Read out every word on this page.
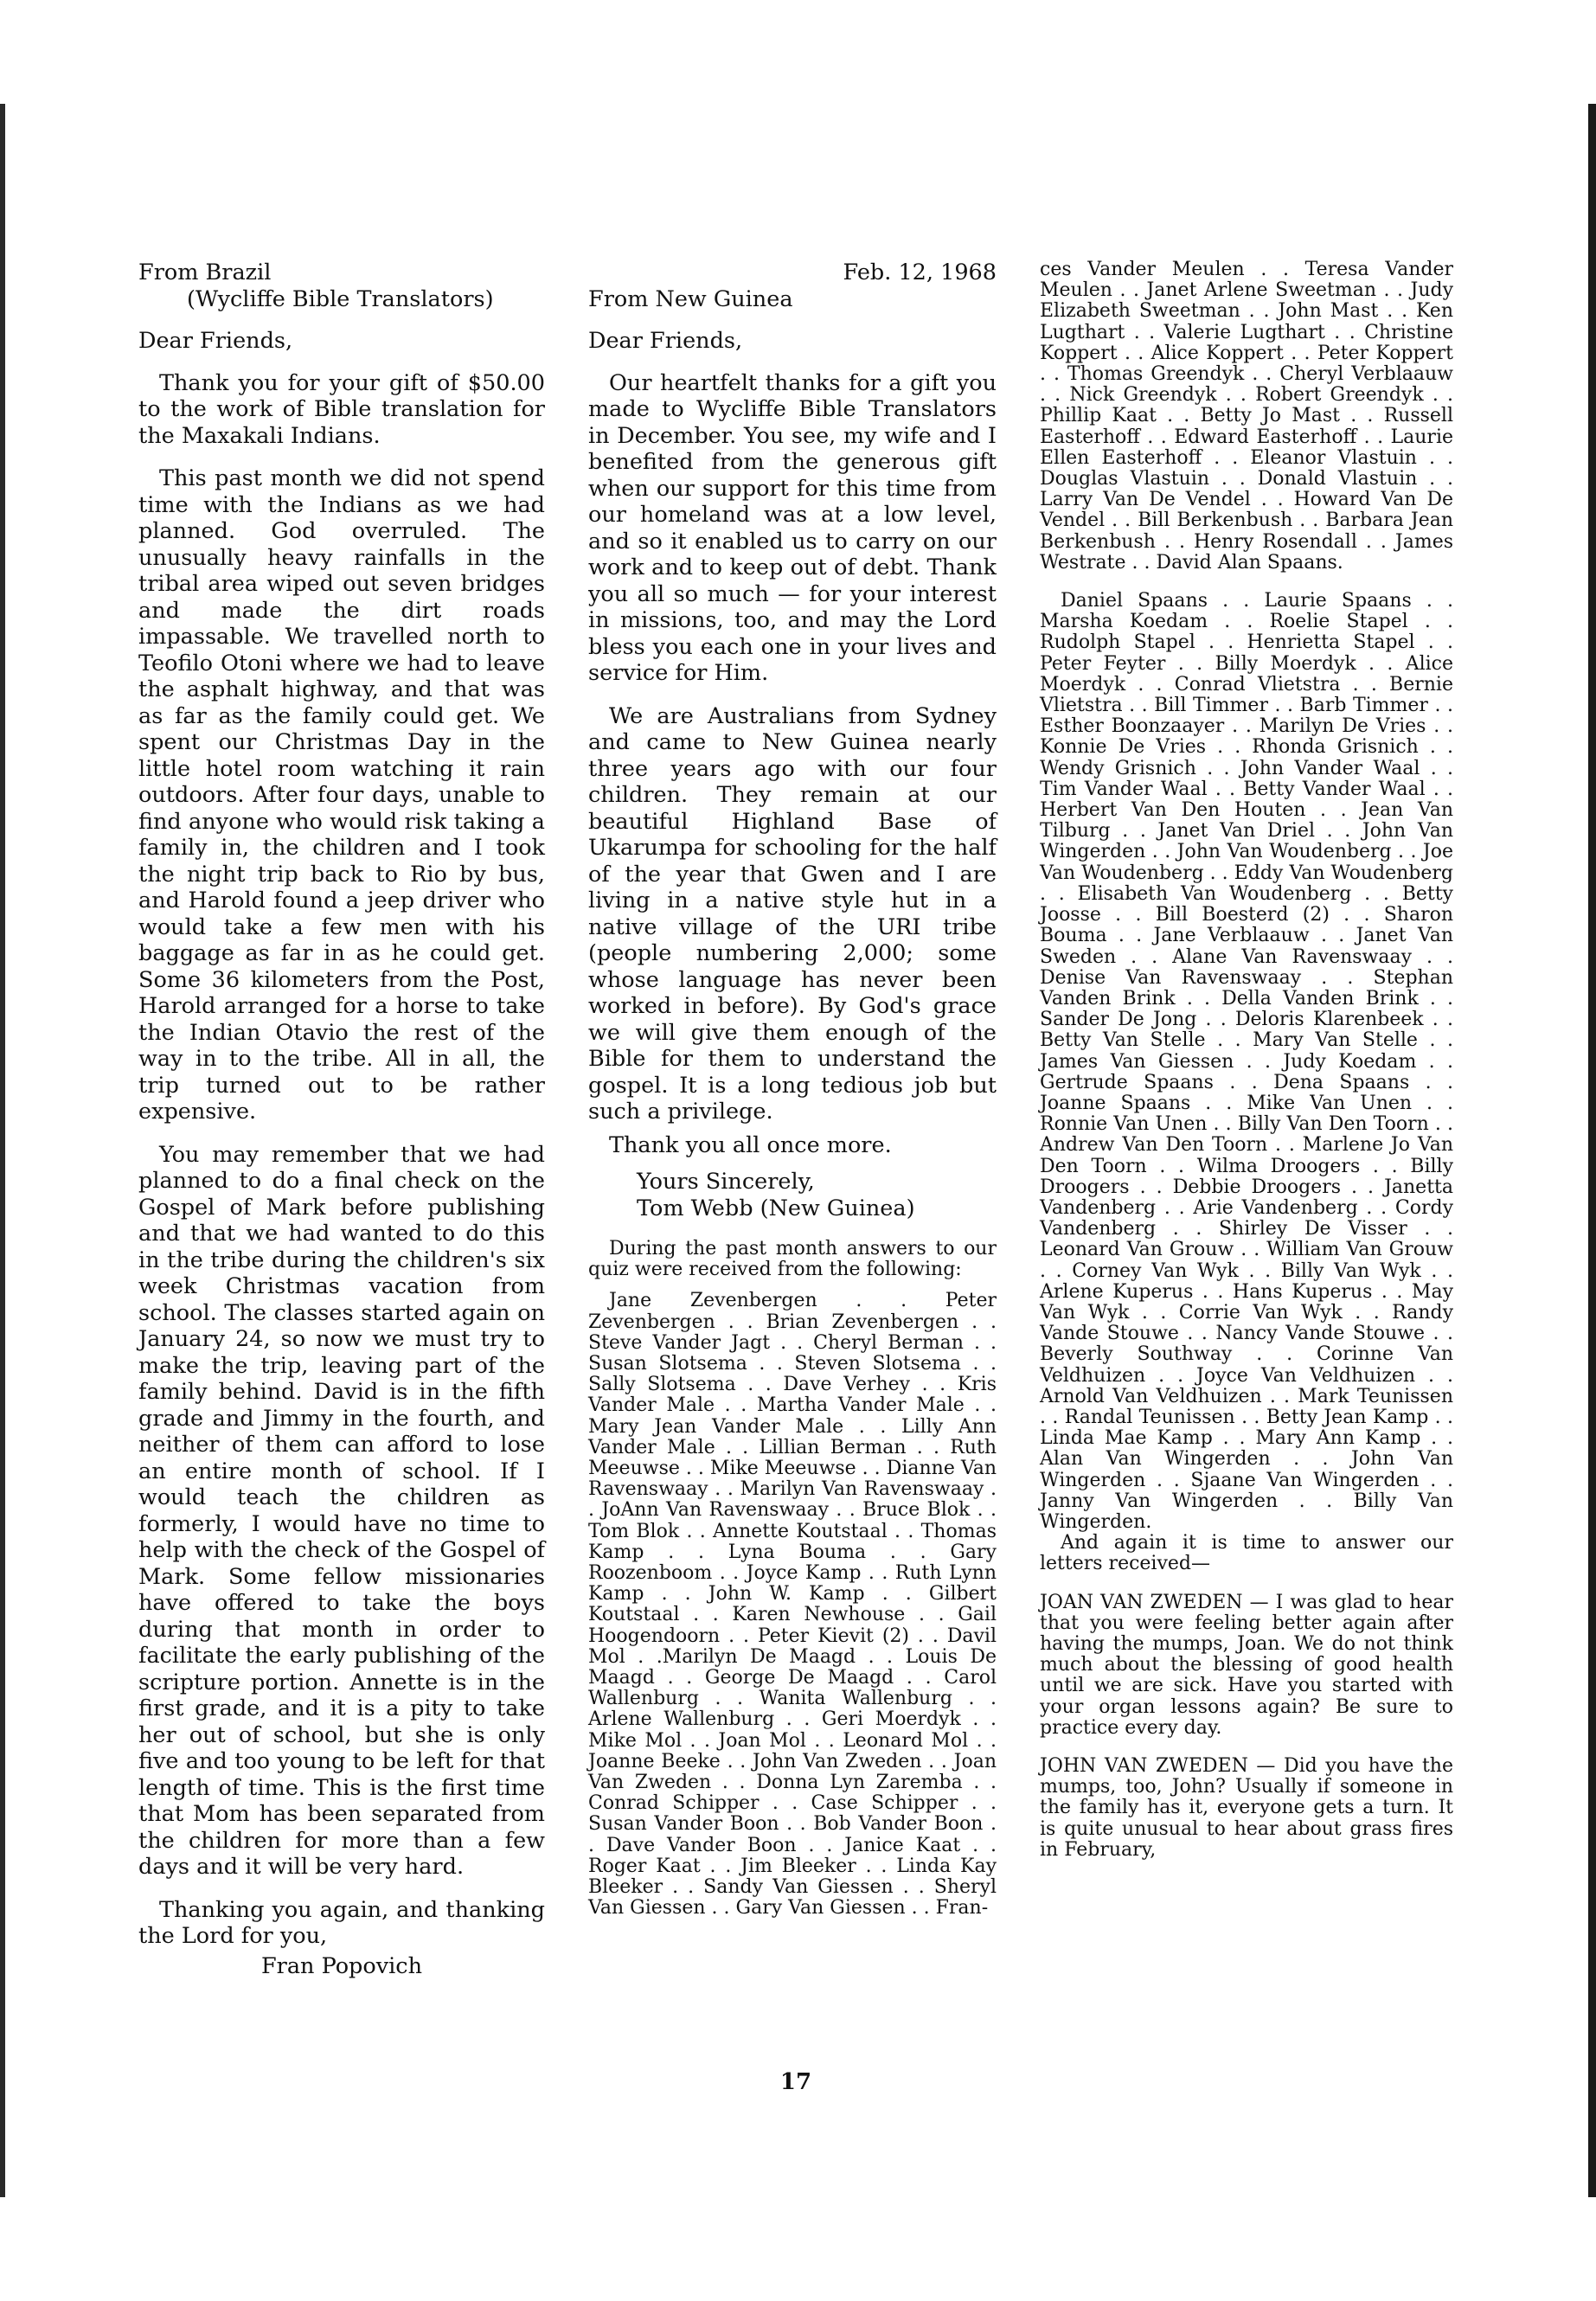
From Brazil

(Wycliffe Bible Translators)

Dear Friends,

Thank you for your gift of $50.00 to the work of Bible translation for the Maxakali Indians.

This past month we did not spend time with the Indians as we had planned. God overruled. The unusually heavy rainfalls in the tribal area wiped out seven bridges and made the dirt roads impassable. We travelled north to Teofilo Otoni where we had to leave the asphalt highway, and that was as far as the family could get. We spent our Christmas Day in the little hotel room watching it rain outdoors. After four days, unable to find anyone who would risk taking a family in, the children and I took the night trip back to Rio by bus, and Harold found a jeep driver who would take a few men with his baggage as far in as he could get. Some 36 kilometers from the Post, Harold arranged for a horse to take the Indian Otavio the rest of the way in to the tribe. All in all, the trip turned out to be rather expensive.

You may remember that we had planned to do a final check on the Gospel of Mark before publishing and that we had wanted to do this in the tribe during the children's six week Christmas vacation from school. The classes started again on January 24, so now we must try to make the trip, leaving part of the family behind. David is in the fifth grade and Jimmy in the fourth, and neither of them can afford to lose an entire month of school. If I would teach the children as formerly, I would have no time to help with the check of the Gospel of Mark. Some fellow missionaries have offered to take the boys during that month in order to facilitate the early publishing of the scripture portion. Annette is in the first grade, and it is a pity to take her out of school, but she is only five and too young to be left for that length of time. This is the first time that Mom has been separated from the children for more than a few days and it will be very hard.

Thanking you again, and thanking the Lord for you,

Fran Popovich

Feb. 12, 1968

From New Guinea

Dear Friends,

Our heartfelt thanks for a gift you made to Wycliffe Bible Translators in December. You see, my wife and I benefited from the generous gift when our support for this time from our homeland was at a low level, and so it enabled us to carry on our work and to keep out of debt. Thank you all so much — for your interest in missions, too, and may the Lord bless you each one in your lives and service for Him.

We are Australians from Sydney and came to New Guinea nearly three years ago with our four children. They remain at our beautiful Highland Base of Ukarumpa for schooling for the half of the year that Gwen and I are living in a native style hut in a native village of the URI tribe (people numbering 2,000; some whose language has never been worked in before). By God's grace we will give them enough of the Bible for them to understand the gospel. It is a long tedious job but such a privilege.

Thank you all once more.

Yours Sincerely,

Tom Webb (New Guinea)

During the past month answers to our quiz were received from the following:

Jane Zevenbergen . . Peter Zevenbergen . . Brian Zevenbergen . . Steve Vander Jagt . . Cheryl Berman . . Susan Slotsema . . Steven Slotsema . . Sally Slotsema . . Dave Verhey . . Kris Vander Male . . Martha Vander Male . . Mary Jean Vander Male . . Lilly Ann Vander Male . . Lillian Berman . . Ruth Meeuwse . . Mike Meeuwse . . Dianne Van Ravenswaay . . Marilyn Van Ravenswaay . . JoAnn Van Ravenswaay . . Bruce Blok . . Tom Blok . . Annette Koutstaal . . Thomas Kamp . . Lyna Bouma . . Gary Roozenboom . . Joyce Kamp . . Ruth Lynn Kamp . . John W. Kamp . . Gilbert Koutstaal . . Karen Newhouse . . Gail Hoogendoorn . . Peter Kievit (2) . . Davil Mol . .Marilyn De Maagd . . Louis De Maagd . . George De Maagd . . Carol Wallenburg . . Wanita Wallenburg . . Arlene Wallenburg . . Geri Moerdyk . . Mike Mol . . Joan Mol . . Leonard Mol . . Joanne Beeke . . John Van Zweden . . Joan Van Zweden . . Donna Lyn Zaremba . . Conrad Schipper . . Case Schipper . . Susan Vander Boon . . Bob Vander Boon . . Dave Vander Boon . . Janice Kaat . . Roger Kaat . . Jim Bleeker . . Linda Kay Bleeker . . Sandy Van Giessen . . Sheryl Van Giessen . . Gary Van Giessen . . Fran-

ces Vander Meulen . . Teresa Vander Meulen . . Janet Arlene Sweetman . . Judy Elizabeth Sweetman . . John Mast . . Ken Lugthart . . Valerie Lugthart . . Christine Koppert . . Alice Koppert . . Peter Koppert . . Thomas Greendyk . . Cheryl Verblaauw . . Nick Greendyk . . Robert Greendyk . . Phillip Kaat . . Betty Jo Mast . . Russell Easterhoff . . Edward Easterhoff . . Laurie Ellen Easterhoff . . Eleanor Vlastuin . . Douglas Vlastuin . . Donald Vlastuin . . Larry Van De Vendel . . Howard Van De Vendel . . Bill Berkenbush . . Barbara Jean Berkenbush . . Henry Rosendall . . James Westrate . . David Alan Spaans.

Daniel Spaans . . Laurie Spaans . . Marsha Koedam . . Roelie Stapel . . Rudolph Stapel . . Henrietta Stapel . . Peter Feyter . . Billy Moerdyk . . Alice Moerdyk . . Conrad Vlietstra . . Bernie Vlietstra . . Bill Timmer . . Barb Timmer . . Esther Boonzaayer . . Marilyn De Vries . . Konnie De Vries . . Rhonda Grisnich . . Wendy Grisnich . . John Vander Waal . . Tim Vander Waal . . Betty Vander Waal . . Herbert Van Den Houten . . Jean Van Tilburg . . Janet Van Driel . . John Van Wingerden . . John Van Woudenberg . . Joe Van Woudenberg . . Eddy Van Woudenberg . . Elisabeth Van Woudenberg . . Betty Joosse . . Bill Boesterd (2) . . Sharon Bouma . . Jane Verblaauw . . Janet Van Sweden . . Alane Van Ravenswaay . . Denise Van Ravenswaay . . Stephan Vanden Brink . . Della Vanden Brink . . Sander De Jong . . Deloris Klarenbeek . . Betty Van Stelle . . Mary Van Stelle . . James Van Giessen . . Judy Koedam . . Gertrude Spaans . . Dena Spaans . . Joanne Spaans . . Mike Van Unen . . Ronnie Van Unen . . Billy Van Den Toorn . . Andrew Van Den Toorn . . Marlene Jo Van Den Toorn . . Wilma Droogers . . Billy Droogers . . Debbie Droogers . . Janetta Vandenberg . . Arie Vandenberg . . Cordy Vandenberg . . Shirley De Visser . . Leonard Van Grouw . . William Van Grouw . . Corney Van Wyk . . Billy Van Wyk . . Arlene Kuperus . . Hans Kuperus . . May Van Wyk . . Corrie Van Wyk . . Randy Vande Stouwe . . Nancy Vande Stouwe . . Beverly Southway . . Corinne Van Veldhuizen . . Joyce Van Veldhuizen . . Arnold Van Veldhuizen . . Mark Teunissen . . Randal Teunissen . . Betty Jean Kamp . . Linda Mae Kamp . . Mary Ann Kamp . . Alan Van Wingerden . . John Van Wingerden . . Sjaane Van Wingerden . . Janny Van Wingerden . . Billy Van Wingerden.

And again it is time to answer our letters received—

JOAN VAN ZWEDEN — I was glad to hear that you were feeling better again after having the mumps, Joan. We do not think much about the blessing of good health until we are sick. Have you started with your organ lessons again? Be sure to practice every day.

JOHN VAN ZWEDEN — Did you have the mumps, too, John? Usually if someone in the family has it, everyone gets a turn. It is quite unusual to hear about grass fires in February,

17
